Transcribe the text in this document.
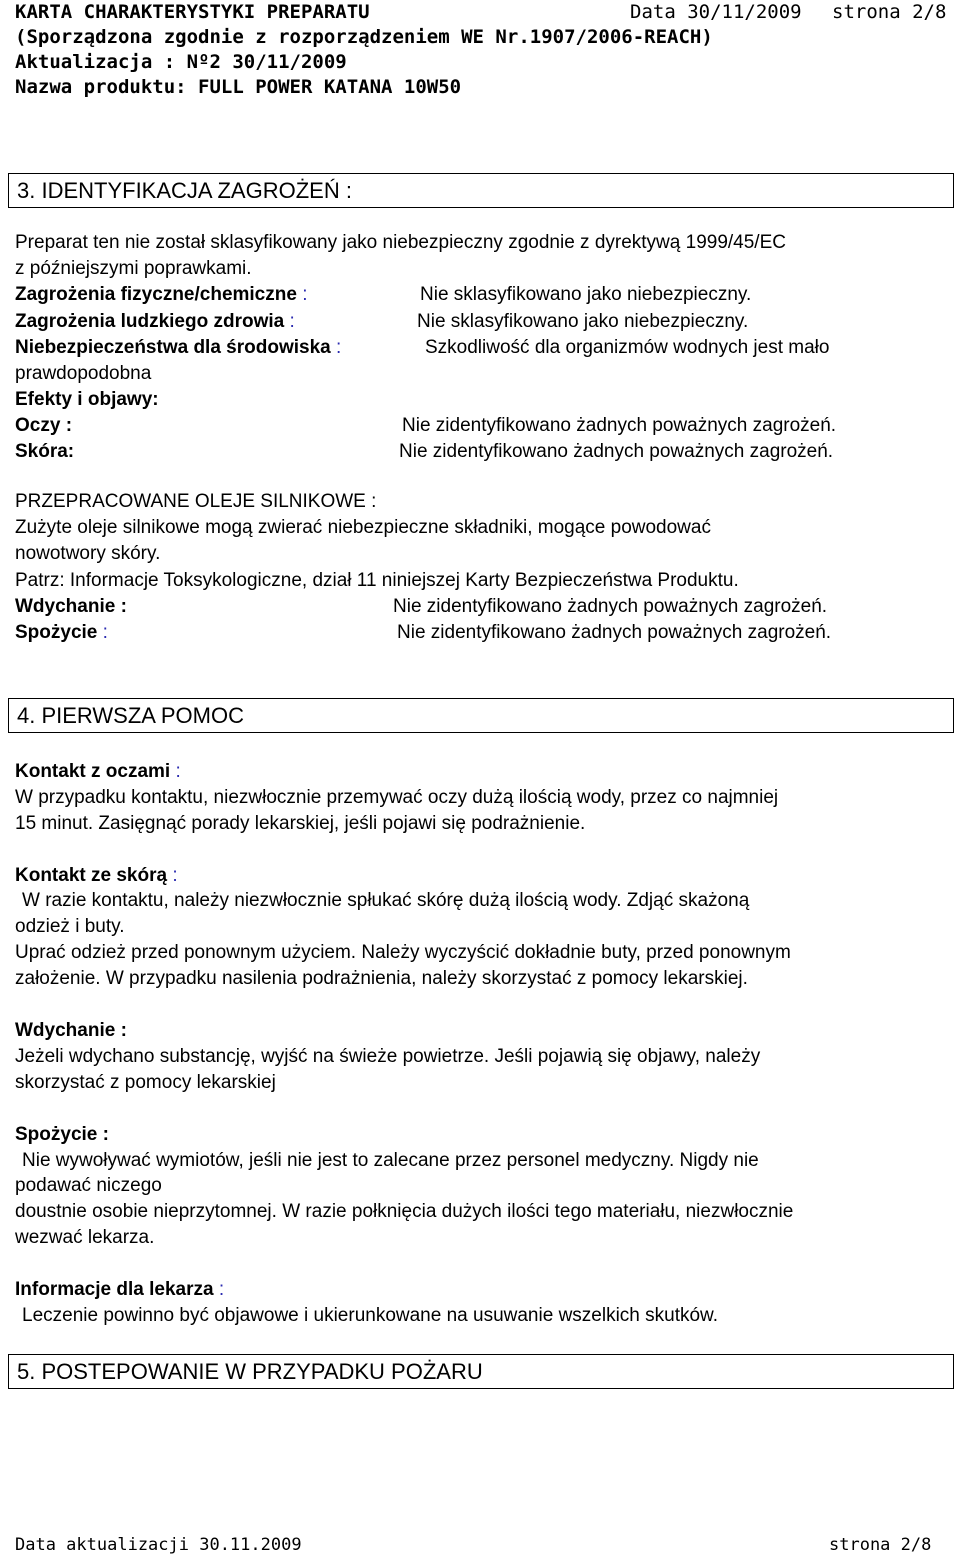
KARTA CHARAKTERYSTYKI PREPARATU	Data 30/11/2009 strona 2/8
(Sporządzona zgodnie z rozporządzeniem WE Nr.1907/2006-REACH)
Aktualizacja : Nº2 30/11/2009
Nazwa produktu: FULL POWER KATANA 10W50
3. IDENTYFIKACJA ZAGROŻEŃ :
Preparat ten nie został sklasyfikowany jako niebezpieczny zgodnie z dyrektywą 1999/45/EC
z późniejszymi poprawkami.
Zagrożenia fizyczne/chemiczne :	Nie sklasyfikowano jako niebezpieczny.
Zagrożenia ludzkiego zdrowia :	Nie sklasyfikowano jako niebezpieczny.
Niebezpieczeństwa dla środowiska :	Szkodliwość dla organizmów wodnych jest mało
prawdopodobna
Efekty i objawy:
Oczy :	Nie zidentyfikowano żadnych poważnych zagrożeń.
Skóra:	Nie zidentyfikowano żadnych poważnych zagrożeń.
PRZEPRACOWANE OLEJE SILNIKOWE :
Zużyte oleje silnikowe mogą zwierać niebezpieczne składniki, mogące powodować
nowotwory skóry.
Patrz: Informacje Toksykologiczne, dział 11 niniejszej Karty Bezpieczeństwa Produktu.
Wdychanie :	Nie zidentyfikowano żadnych poważnych zagrożeń.
Spożycie :	Nie zidentyfikowano żadnych poważnych zagrożeń.
4. PIERWSZA POMOC
Kontakt z oczami :
W przypadku kontaktu, niezwłocznie przemywać oczy dużą ilością wody, przez co najmniej
15 minut. Zasięgnąć porady lekarskiej, jeśli pojawi się podrażnienie.
Kontakt ze skórą :
W razie kontaktu, należy niezwłocznie spłukać skórę dużą ilością wody. Zdjąć skażoną
odzież i buty.
Uprać odzież przed ponownym użyciem. Należy wyczyścić dokładnie buty, przed ponownym
założenie. W przypadku nasilenia podrażnienia, należy skorzystać z pomocy lekarskiej.
Wdychanie :
Jeżeli wdychano substancję, wyjść na świeże powietrze. Jeśli pojawią się objawy, należy
skorzystać z pomocy lekarskiej
Spożycie :
Nie wywoływać wymiotów, jeśli nie jest to zalecane przez personel medyczny. Nigdy nie
podawać niczego
doustnie osobie nieprzytomnej. W razie połknięcia dużych ilości tego materiału, niezwłocznie
wezwać lekarza.
Informacje dla lekarza :
Leczenie powinno być objawowe i ukierunkowane na usuwanie wszelkich skutków.
5. POSTEPOWANIE W PRZYPADKU POŻARU
Data aktualizacji 30.11.2009	strona 2/8
